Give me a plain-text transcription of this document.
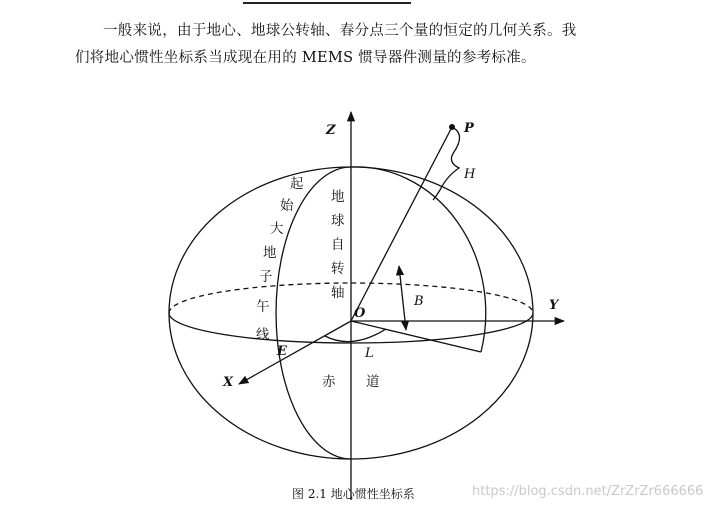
一般来说，由于地心、地球公转轴、春分点三个量的恒定的几何关系。我

们将地心惯性坐标系当成现在用的 MEMS 惯导器件测量的参考标准。

P
H
Z
Y
X
O
B
L
E
起
始
大
地
子
午
线
地
球
自
转
轴
赤 道
图 2.1 地心惯性坐标系	https://blog.csdn.net/ZrZrZr666666
